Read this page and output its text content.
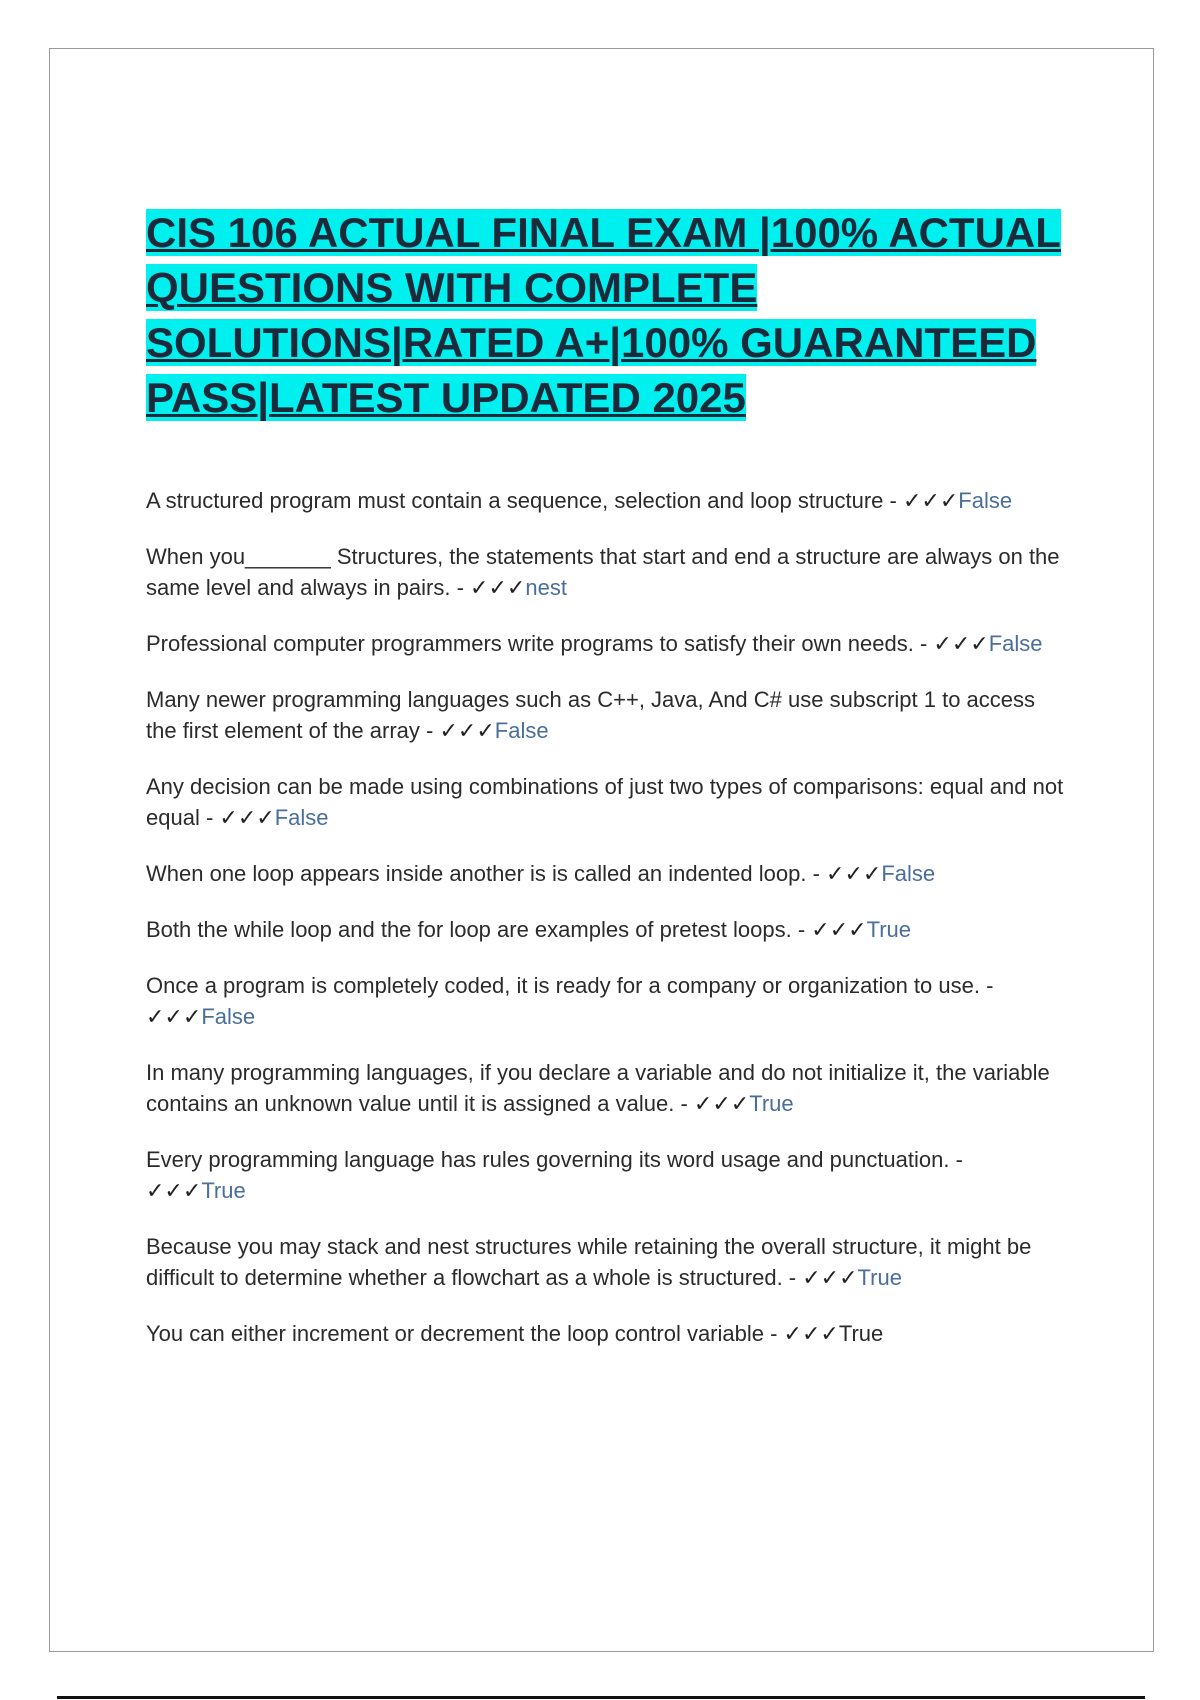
CIS 106 ACTUAL FINAL EXAM |100% ACTUAL QUESTIONS WITH COMPLETE SOLUTIONS|RATED A+|100% GUARANTEED PASS|LATEST UPDATED 2025

A structured program must contain a sequence, selection and loop structure - ✓✓✓False

When you_______ Structures, the statements that start and end a structure are always on the same level and always in pairs. - ✓✓✓nest

Professional computer programmers write programs to satisfy their own needs. - ✓✓✓False

Many newer programming languages such as C++, Java, And C# use subscript 1 to access the first element of the array - ✓✓✓False

Any decision can be made using combinations of just two types of comparisons: equal and not equal - ✓✓✓False

When one loop appears inside another is is called an indented loop. - ✓✓✓False

Both the while loop and the for loop are examples of pretest loops. - ✓✓✓True

Once a program is completely coded, it is ready for a company or organization to use. - ✓✓✓False

In many programming languages, if you declare a variable and do not initialize it, the variable contains an unknown value until it is assigned a value. - ✓✓✓True

Every programming language has rules governing its word usage and punctuation. - ✓✓✓True

Because you may stack and nest structures while retaining the overall structure, it might be difficult to determine whether a flowchart as a whole is structured. - ✓✓✓True

You can either increment or decrement the loop control variable - ✓✓✓True
